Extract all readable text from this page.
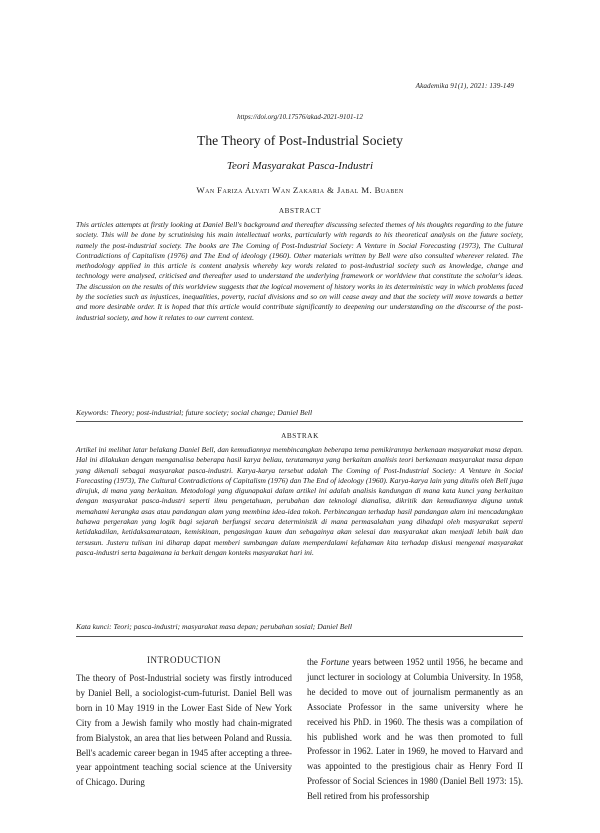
Akademika 91(1), 2021: 139-149
https://doi.org/10.17576/akad-2021-9101-12
The Theory of Post-Industrial Society
Teori Masyarakat Pasca-Industri
Wan Fariza Alyati Wan Zakaria & Jabal M. Buaben
ABSTRACT
This articles attempts at firstly looking at Daniel Bell's background and thereafter discussing selected themes of his thoughts regarding to the future society. This will be done by scrutinising his main intellectual works, particularly with regards to his theoretical analysis on the future society, namely the post-industrial society. The books are The Coming of Post-Industrial Society: A Venture in Social Forecasting (1973), The Cultural Contradictions of Capitalism (1976) and The End of ideology (1960). Other materials written by Bell were also consulted wherever related. The methodology applied in this article is content analysis whereby key words related to post-industrial society such as knowledge, change and technology were analysed, criticised and thereafter used to understand the underlying framework or worldview that constitute the scholar's ideas. The discussion on the results of this worldview suggests that the logical movement of history works in its deterministic way in which problems faced by the societies such as injustices, inequalities, poverty, racial divisions and so on will cease away and that the society will move towards a better and more desirable order. It is hoped that this article would contribute significantly to deepening our understanding on the discourse of the post-industrial society, and how it relates to our current context.
Keywords: Theory; post-industrial; future society; social change; Daniel Bell
ABSTRAK
Artikel ini melihat latar belakang Daniel Bell, dan kemudiannya membincangkan beberapa tema pemikirannya berkenaan masyarakat masa depan. Hal ini dilakukan dengan menganalisa beberapa hasil karya beliau, terutamanya yang berkaitan analisis teori berkenaan masyarakat masa depan yang dikenali sebagai masyarakat pasca-industri. Karya-karya tersebut adalah The Coming of Post-Industrial Society: A Venture in Social Forecasting (1973), The Cultural Contradictions of Capitalism (1976) dan The End of ideology (1960). Karya-karya lain yang ditulis oleh Bell juga dirujuk, di mana yang berkaitan. Metodologi yang digunapakai dalam artikel ini adalah analisis kandungan di mana kata kunci yang berkaitan dengan masyarakat pasca-industri seperti ilmu pengetahuan, perubahan dan teknologi dianalisa, dikritik dan kemudiannya diguna untuk memahami kerangka asas atau pandangan alam yang membina idea-idea tokoh. Perbincangan terhadap hasil pandangan alam ini mencadangkan bahawa pergerakan yang logik bagi sejarah berfungsi secara deterministik di mana permasalahan yang dihadapi oleh masyarakat seperti ketidakadilan, ketidaksamarataan, kemiskinan, pengasingan kaum dan sebagainya akan selesai dan masyarakat akan menjadi lebih baik dan tersusun. Justeru tulisan ini diharap dapat memberi sumbangan dalam memperdalami kefahaman kita terhadap diskusi mengenai masyarakat pasca-industri serta bagaimana ia berkait dengan konteks masyarakat hari ini.
Kata kunci: Teori; pasca-industri; masyarakat masa depan; perubahan sosial; Daniel Bell
INTRODUCTION
The theory of Post-Industrial society was firstly introduced by Daniel Bell, a sociologist-cum-futurist. Daniel Bell was born in 10 May 1919 in the Lower East Side of New York City from a Jewish family who mostly had chain-migrated from Bialystok, an area that lies between Poland and Russia. Bell's academic career began in 1945 after accepting a three-year appointment teaching social science at the University of Chicago. During
the Fortune years between 1952 until 1956, he became and junct lecturer in sociology at Columbia University. In 1958, he decided to move out of journalism permanently as an Associate Professor in the same university where he received his PhD. in 1960. The thesis was a compilation of his published work and he was then promoted to full Professor in 1962. Later in 1969, he moved to Harvard and was appointed to the prestigious chair as Henry Ford II Professor of Social Sciences in 1980 (Daniel Bell 1973: 15). Bell retired from his professorship
